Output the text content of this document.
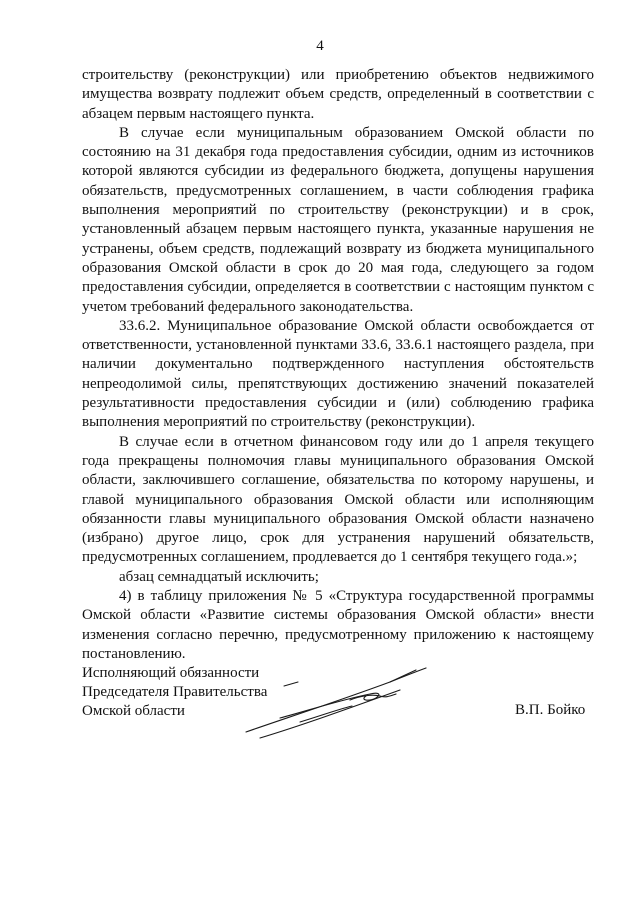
4

строительству (реконструкции) или приобретению объектов недвижимого имущества возврату подлежит объем средств, определенный в соответствии с абзацем первым настоящего пункта.

В случае если муниципальным образованием Омской области по состоянию на 31 декабря года предоставления субсидии, одним из источников которой являются субсидии из федерального бюджета, допущены нарушения обязательств, предусмотренных соглашением, в части соблюдения графика выполнения мероприятий по строительству (реконструкции) и в срок, установленный абзацем первым настоящего пункта, указанные нарушения не устранены, объем средств, подлежащий возврату из бюджета муниципального образования Омской области в срок до 20 мая года, следующего за годом предоставления субсидии, определяется в соответствии с настоящим пунктом с учетом требований федерального законодательства.

33.6.2. Муниципальное образование Омской области освобождается от ответственности, установленной пунктами 33.6, 33.6.1 настоящего раздела, при наличии документально подтвержденного наступления обстоятельств непреодолимой силы, препятствующих достижению значений показателей результативности предоставления субсидии и (или) соблюдению графика выполнения мероприятий по строительству (реконструкции).

В случае если в отчетном финансовом году или до 1 апреля текущего года прекращены полномочия главы муниципального образования Омской области, заключившего соглашение, обязательства по которому нарушены, и главой муниципального образования Омской области или исполняющим обязанности главы муниципального образования Омской области назначено (избрано) другое лицо, срок для устранения нарушений обязательств, предусмотренных соглашением, продлевается до 1 сентября текущего года.»;

абзац семнадцатый исключить;

4) в таблицу приложения № 5 «Структура государственной программы Омской области «Развитие системы образования Омской области» внести изменения согласно перечню, предусмотренному приложению к настоящему постановлению.

Исполняющий обязанности
Председателя Правительства
Омской области	В.П. Бойко
